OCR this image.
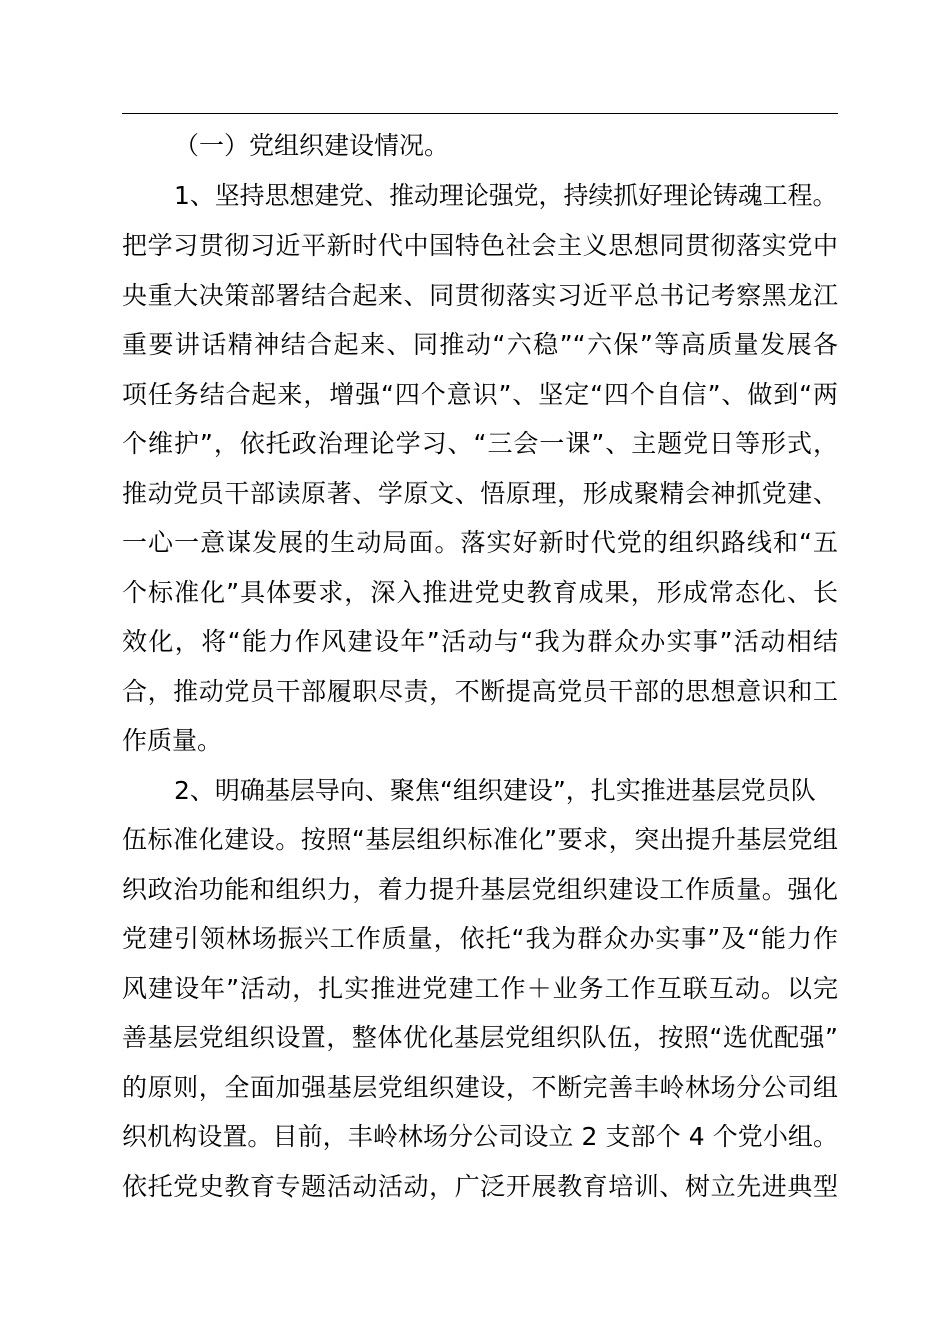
（一）党组织建设情况。
1、坚持思想建党、推动理论强党，持续抓好理论铸魂工程。
把学习贯彻习近平新时代中国特色社会主义思想同贯彻落实党中
央重大决策部署结合起来、同贯彻落实习近平总书记考察黑龙江
重要讲话精神结合起来、同推动“六稳”“六保”等高质量发展各
项任务结合起来，增强“四个意识”、坚定“四个自信”、做到“两
个维护”，依托政治理论学习、“三会一课”、主题党日等形式，
推动党员干部读原著、学原文、悟原理，形成聚精会神抓党建、
一心一意谋发展的生动局面。落实好新时代党的组织路线和“五
个标准化”具体要求，深入推进党史教育成果，形成常态化、长
效化，将“能力作风建设年”活动与“我为群众办实事”活动相结
合，推动党员干部履职尽责，不断提高党员干部的思想意识和工
作质量。
2、明确基层导向、聚焦“组织建设”，扎实推进基层党员队
伍标准化建设。按照“基层组织标准化”要求，突出提升基层党组
织政治功能和组织力，着力提升基层党组织建设工作质量。强化
党建引领林场振兴工作质量，依托“我为群众办实事”及“能力作
风建设年”活动，扎实推进党建工作＋业务工作互联互动。以完
善基层党组织设置，整体优化基层党组织队伍，按照“选优配强”
的原则，全面加强基层党组织建设，不断完善丰岭林场分公司组
织机构设置。目前，丰岭林场分公司设立 2 支部个 4 个党小组。
依托党史教育专题活动活动，广泛开展教育培训、树立先进典型
